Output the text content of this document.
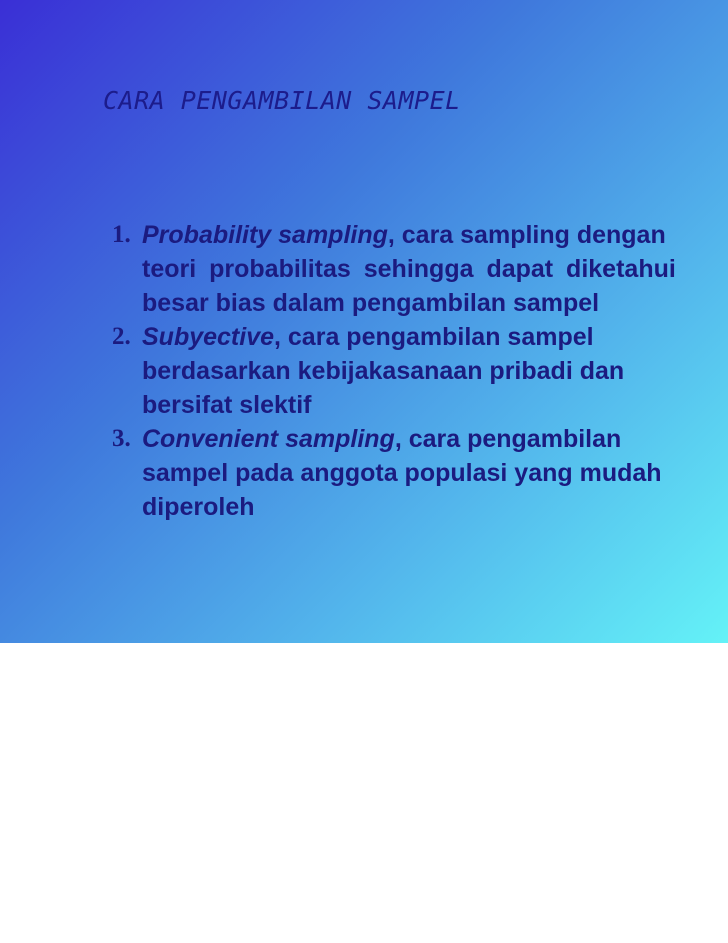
CARA PENGAMBILAN SAMPEL
1. Probability sampling, cara sampling dengan
teori probabilitas sehingga dapat diketahui
besar bias dalam pengambilan sampel
2. Subyective, cara pengambilan sampel
berdasarkan kebijakasanaan pribadi dan
bersifat slektif
3. Convenient sampling, cara pengambilan
sampel pada anggota populasi yang mudah
diperoleh
